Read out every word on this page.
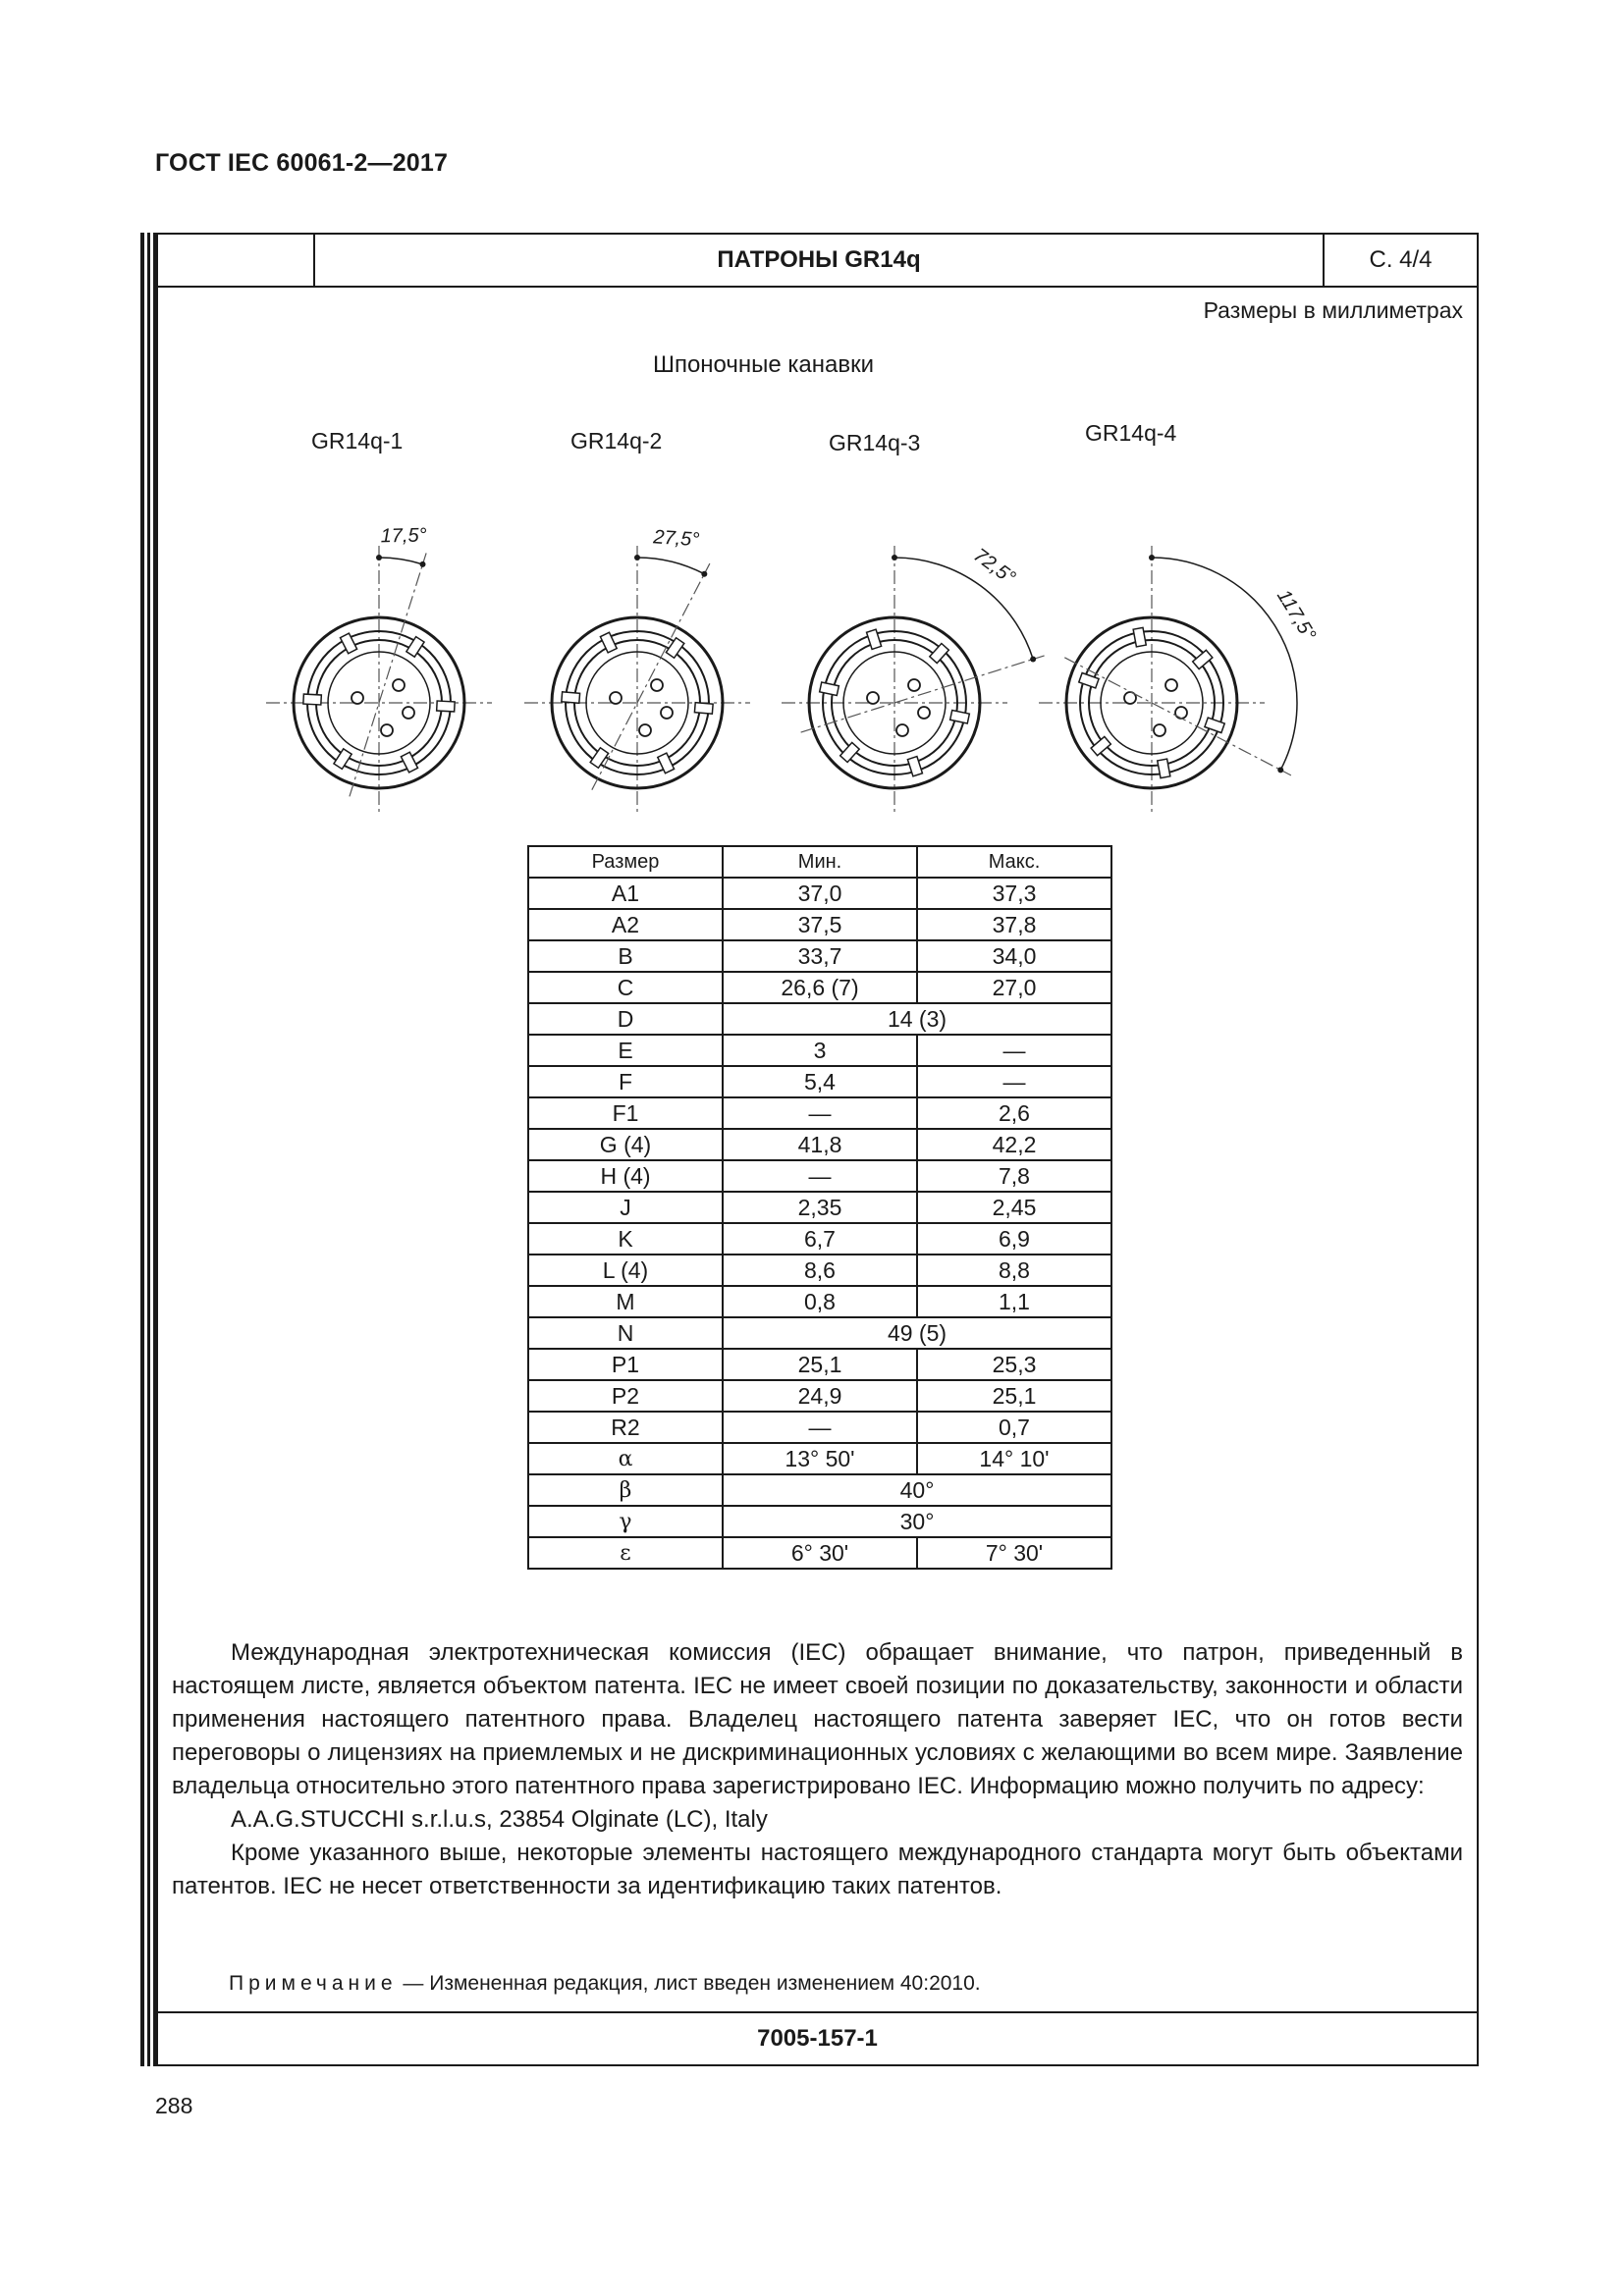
ГОСТ IEC 60061-2—2017
ПАТРОНЫ GR14q	С. 4/4
Размеры в миллиметрах
Шпоночные канавки
GR14q-1
17,5°
GR14q-2
27,5°
GR14q-3
72,5°
GR14q-4
117,5°
Размер	Мин.	Макс.
A1	37,0	37,3
A2	37,5	37,8
B	33,7	34,0
C	26,6 (7)	27,0
D	14 (3)	
E	3	—
F	5,4	—
F1	—	2,6
G (4)	41,8	42,2
H (4)	—	7,8
J	2,35	2,45
K	6,7	6,9
L (4)	8,6	8,8
M	0,8	1,1
N	49 (5)	
P1	25,1	25,3
P2	24,9	25,1
R2	—	0,7
α	13° 50'	14° 10'
β	40°	
γ	30°	
ε	6° 30'	7° 30'

Международная электротехническая комиссия (IEC) обращает внимание, что патрон, приведенный в настоящем листе, является объектом патента. IEC не имеет своей позиции по доказательству, законности и области применения настоящего патентного права. Владелец настоящего патента заверяет IEC, что он готов вести переговоры о лицензиях на приемлемых и не дискриминационных условиях с желающими во всем мире. Заявление владельца относительно этого патентного права зарегистрировано IEC. Информацию можно получить по адресу:

A.A.G.STUCCHI s.r.l.u.s, 23854 Olginate (LC), Italy

Кроме указанного выше, некоторые элементы настоящего международного стандарта могут быть объектами патентов. IEC не несет ответственности за идентификацию таких патентов.

Примечание — Измененная редакция, лист введен изменением 40:2010.
7005-157-1
288
